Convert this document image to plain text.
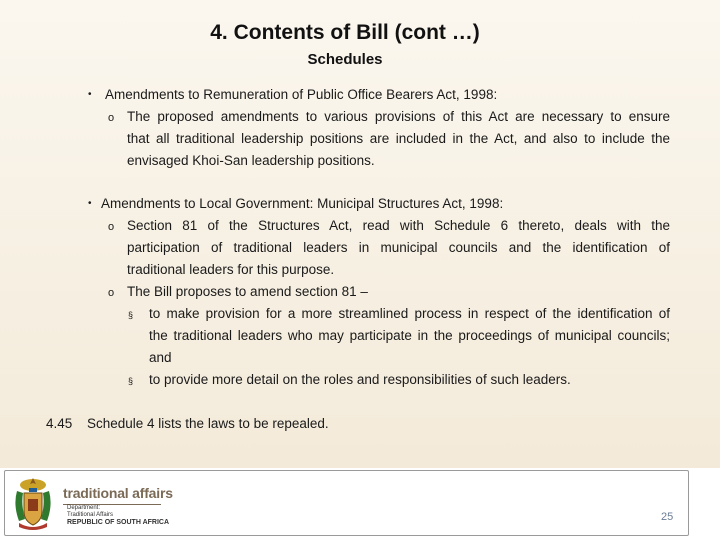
4. Contents of Bill (cont …)
Schedules
• Amendments to Remuneration of Public Office Bearers Act, 1998:
o The proposed amendments to various provisions of this Act are necessary to ensure
that all traditional leadership positions are included in the Act, and also to include the
envisaged Khoi-San leadership positions.
• Amendments to Local Government: Municipal Structures Act, 1998:
o Section 81 of the Structures Act, read with Schedule 6 thereto, deals with the
participation of traditional leaders in municipal councils and the identification of
traditional leaders for this purpose.
o The Bill proposes to amend section 81 –
§ to make provision for a more streamlined process in respect of the identification of
the traditional leaders who may participate in the proceedings of municipal councils;
and
§ to provide more detail on the roles and responsibilities of such leaders.
4.45 Schedule 4 lists the laws to be repealed.
traditional affairs
Department:
Traditional Affairs
REPUBLIC OF SOUTH AFRICA	25
